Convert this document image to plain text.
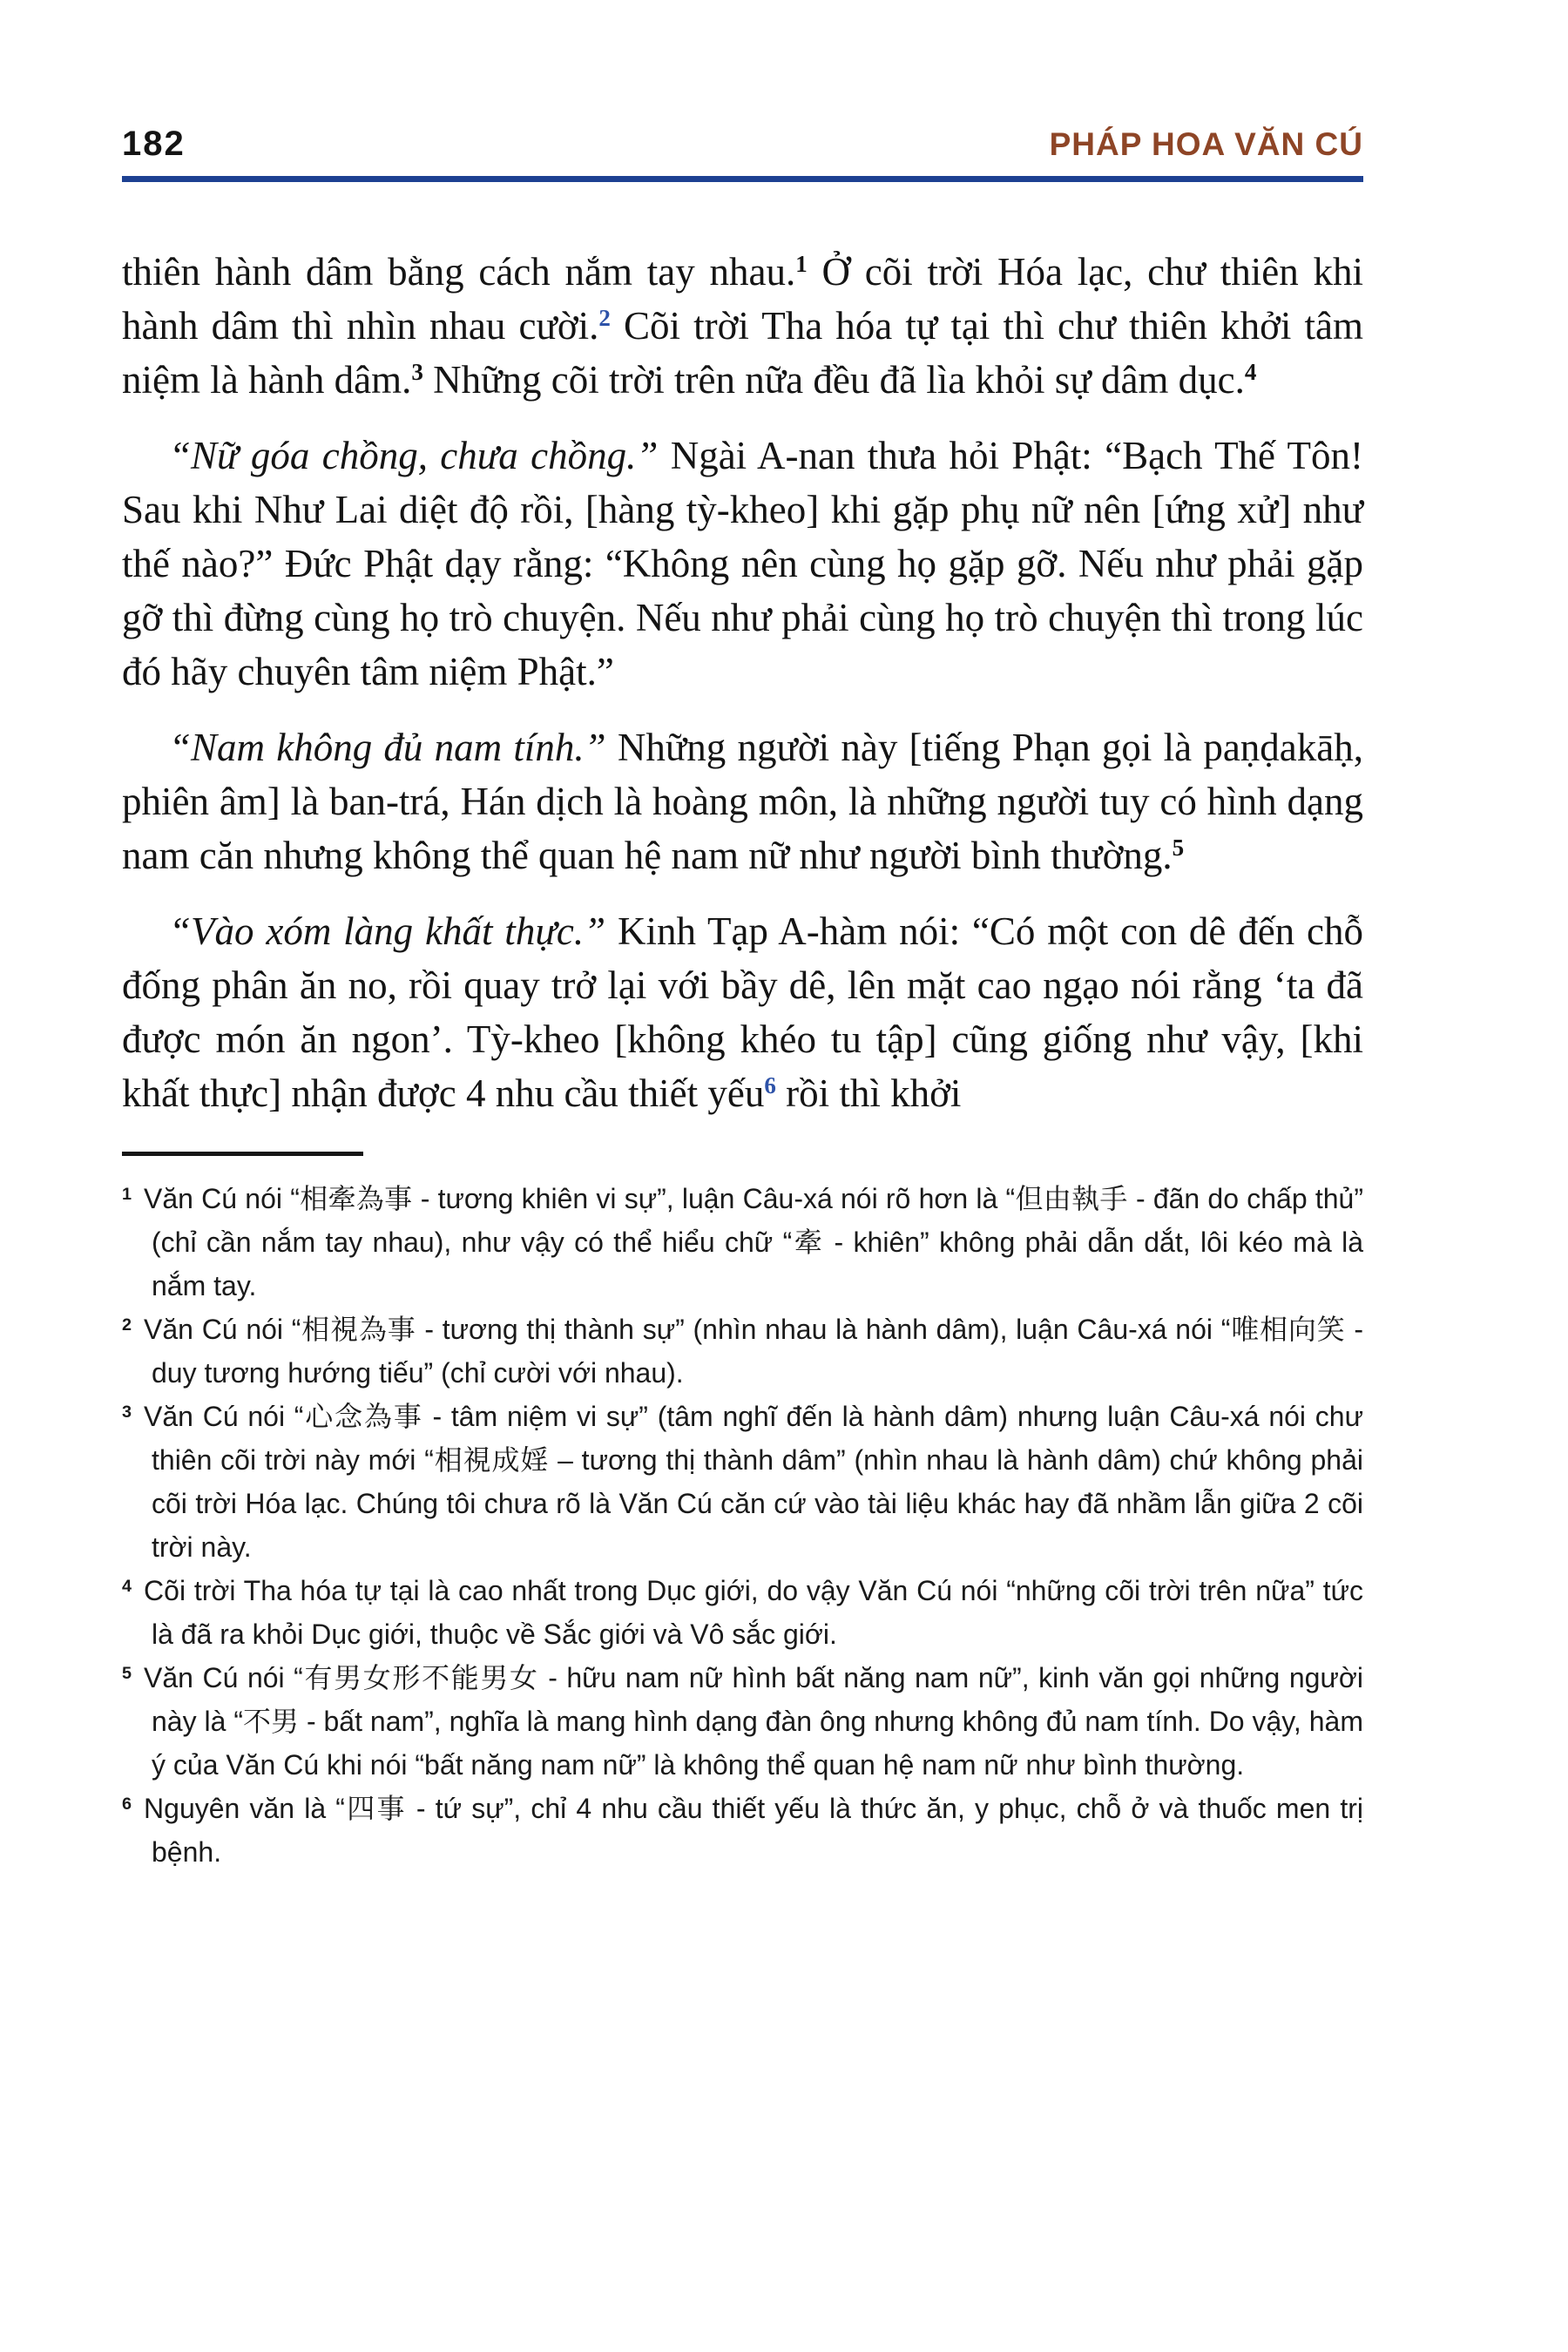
182	PHÁP HOA VĂN CÚ

thiên hành dâm bằng cách nắm tay nhau.$^1$ Ở cõi trời Hóa lạc, chư thiên khi hành dâm thì nhìn nhau cười.$^2$ Cõi trời Tha hóa tự tại thì chư thiên khởi tâm niệm là hành dâm.$^3$ Những cõi trời trên nữa đều đã lìa khỏi sự dâm dục.$^4$

“Nữ góa chồng, chưa chồng.” Ngài A-nan thưa hỏi Phật: “Bạch Thế Tôn! Sau khi Như Lai diệt độ rồi, [hàng tỳ-kheo] khi gặp phụ nữ nên [ứng xử] như thế nào?” Đức Phật dạy rằng: “Không nên cùng họ gặp gỡ. Nếu như phải gặp gỡ thì đừng cùng họ trò chuyện. Nếu như phải cùng họ trò chuyện thì trong lúc đó hãy chuyên tâm niệm Phật.”

“Nam không đủ nam tính.” Những người này [tiếng Phạn gọi là paṇḍakāḥ, phiên âm] là ban-trá, Hán dịch là hoàng môn, là những người tuy có hình dạng nam căn nhưng không thể quan hệ nam nữ như người bình thường.$^5$

“Vào xóm làng khất thực.” Kinh Tạp A-hàm nói: “Có một con dê đến chỗ đống phân ăn no, rồi quay trở lại với bầy dê, lên mặt cao ngạo nói rằng ‘ta đã được món ăn ngon’. Tỳ-kheo [không khéo tu tập] cũng giống như vậy, [khi khất thực] nhận được 4 nhu cầu thiết yếu$^6$ rồi thì khởi

$^1$ Văn Cú nói “相牽為事 - tương khiên vi sự”, luận Câu-xá nói rõ hơn là “但由執手 - đãn do chấp thủ” (chỉ cần nắm tay nhau), như vậy có thể hiểu chữ “牽 - khiên” không phải dẫn dắt, lôi kéo mà là nắm tay.
$^2$ Văn Cú nói “相視為事 - tương thị thành sự” (nhìn nhau là hành dâm), luận Câu-xá nói “唯相向笑 - duy tương hướng tiếu” (chỉ cười với nhau).
$^3$ Văn Cú nói “心念為事 - tâm niệm vi sự” (tâm nghĩ đến là hành dâm) nhưng luận Câu-xá nói chư thiên cõi trời này mới “相視成婬 – tương thị thành dâm” (nhìn nhau là hành dâm) chứ không phải cõi trời Hóa lạc. Chúng tôi chưa rõ là Văn Cú căn cứ vào tài liệu khác hay đã nhầm lẫn giữa 2 cõi trời này.
$^4$ Cõi trời Tha hóa tự tại là cao nhất trong Dục giới, do vậy Văn Cú nói “những cõi trời trên nữa” tức là đã ra khỏi Dục giới, thuộc về Sắc giới và Vô sắc giới.
$^5$ Văn Cú nói “有男女形不能男女 - hữu nam nữ hình bất năng nam nữ”, kinh văn gọi những người này là “不男 - bất nam”, nghĩa là mang hình dạng đàn ông nhưng không đủ nam tính. Do vậy, hàm ý của Văn Cú khi nói “bất năng nam nữ” là không thể quan hệ nam nữ như bình thường.
$^6$ Nguyên văn là “四事 - tứ sự”, chỉ 4 nhu cầu thiết yếu là thức ăn, y phục, chỗ ở và thuốc men trị bệnh.
